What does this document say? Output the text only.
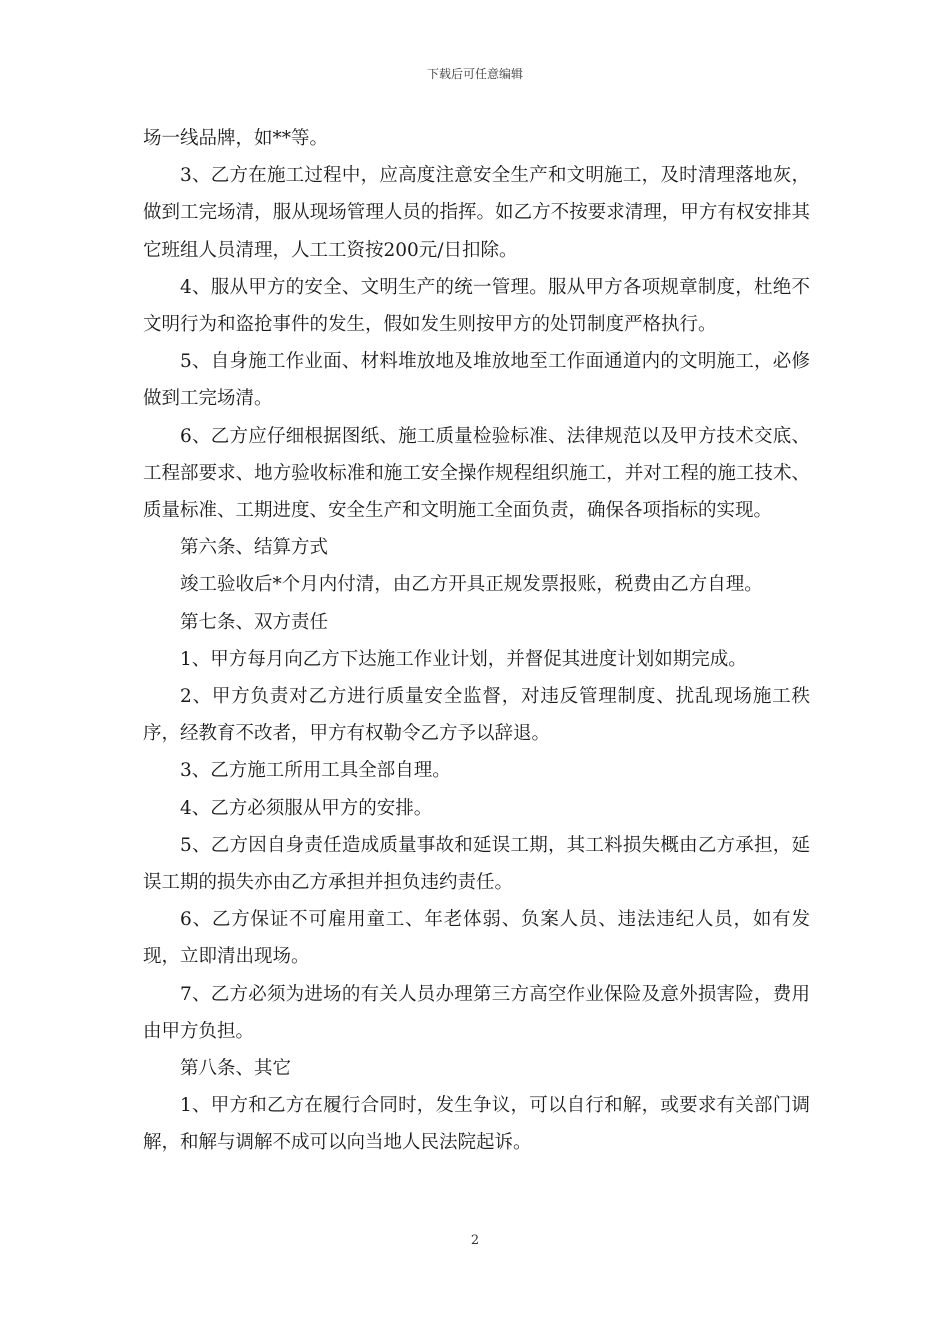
下载后可任意编辑

场一线品牌，如**等。

3、乙方在施工过程中，应高度注意安全生产和文明施工，及时清理落地灰，做到工完场清，服从现场管理人员的指挥。如乙方不按要求清理，甲方有权安排其它班组人员清理，人工工资按200元/日扣除。

4、服从甲方的安全、文明生产的统一管理。服从甲方各项规章制度，杜绝不文明行为和盗抢事件的发生，假如发生则按甲方的处罚制度严格执行。

5、自身施工作业面、材料堆放地及堆放地至工作面通道内的文明施工，必修做到工完场清。

6、乙方应仔细根据图纸、施工质量检验标准、法律规范以及甲方技术交底、工程部要求、地方验收标准和施工安全操作规程组织施工，并对工程的施工技术、质量标准、工期进度、安全生产和文明施工全面负责，确保各项指标的实现。

第六条、结算方式

竣工验收后*个月内付清，由乙方开具正规发票报账，税费由乙方自理。

第七条、双方责任

1、甲方每月向乙方下达施工作业计划，并督促其进度计划如期完成。

2、甲方负责对乙方进行质量安全监督，对违反管理制度、扰乱现场施工秩序，经教育不改者，甲方有权勒令乙方予以辞退。

3、乙方施工所用工具全部自理。

4、乙方必须服从甲方的安排。

5、乙方因自身责任造成质量事故和延误工期，其工料损失概由乙方承担，延误工期的损失亦由乙方承担并担负违约责任。

6、乙方保证不可雇用童工、年老体弱、负案人员、违法违纪人员，如有发现，立即清出现场。

7、乙方必须为进场的有关人员办理第三方高空作业保险及意外损害险，费用由甲方负担。

第八条、其它

1、甲方和乙方在履行合同时，发生争议，可以自行和解，或要求有关部门调解，和解与调解不成可以向当地人民法院起诉。

2
